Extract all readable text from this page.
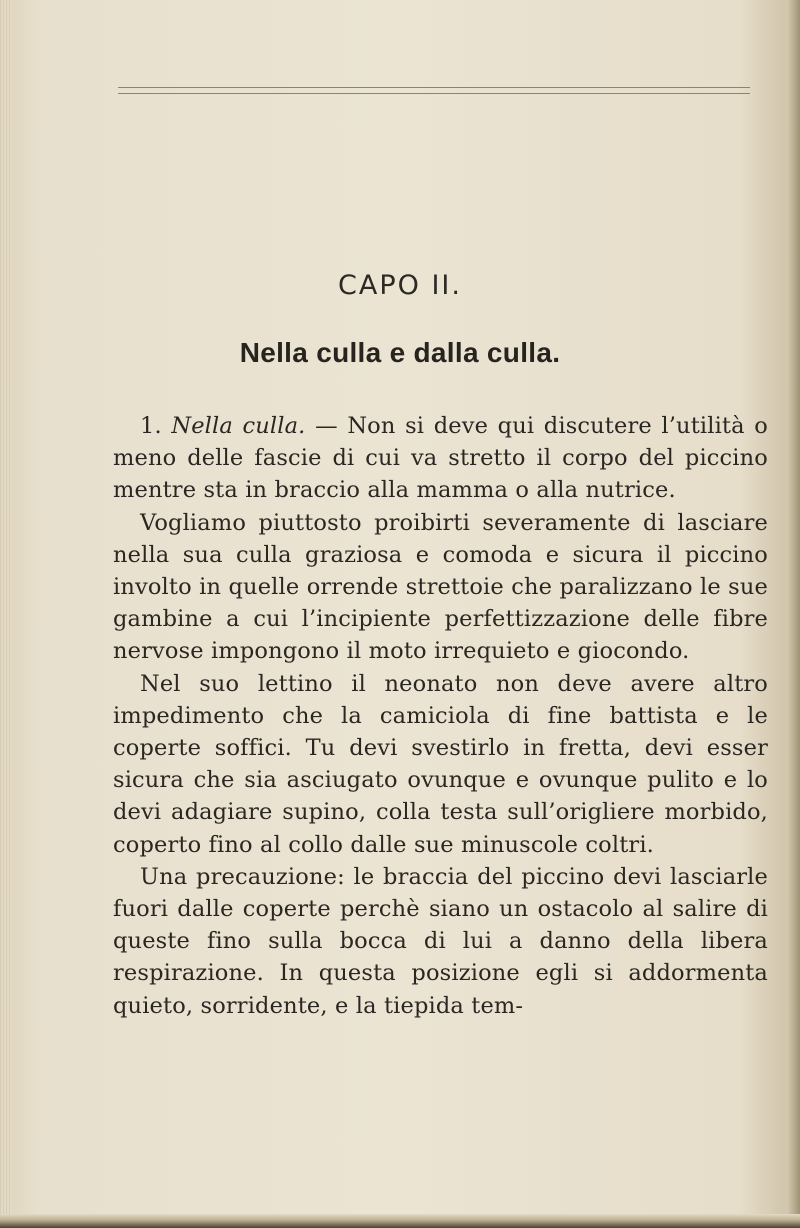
CAPO II.
Nella culla e dalla culla.

1. Nella culla. — Non si deve qui discutere l’utilità o meno delle fascie di cui va stretto il corpo del piccino mentre sta in braccio alla mamma o alla nutrice.

Vogliamo piuttosto proibirti severamente di lasciare nella sua culla graziosa e comoda e sicura il piccino involto in quelle orrende strettoie che paralizzano le sue gambine a cui l’incipiente perfettizzazione delle fibre nervose impongono il moto irrequieto e giocondo.

Nel suo lettino il neonato non deve avere altro impedimento che la camiciola di fine battista e le coperte soffici. Tu devi svestirlo in fretta, devi esser sicura che sia asciugato ovunque e ovunque pulito e lo devi adagiare supino, colla testa sull’origliere morbido, coperto fino al collo dalle sue minuscole coltri.

Una precauzione: le braccia del piccino devi lasciarle fuori dalle coperte perchè siano un ostacolo al salire di queste fino sulla bocca di lui a danno della libera respirazione. In questa posizione egli si addormenta quieto, sorridente, e la tiepida tem-
